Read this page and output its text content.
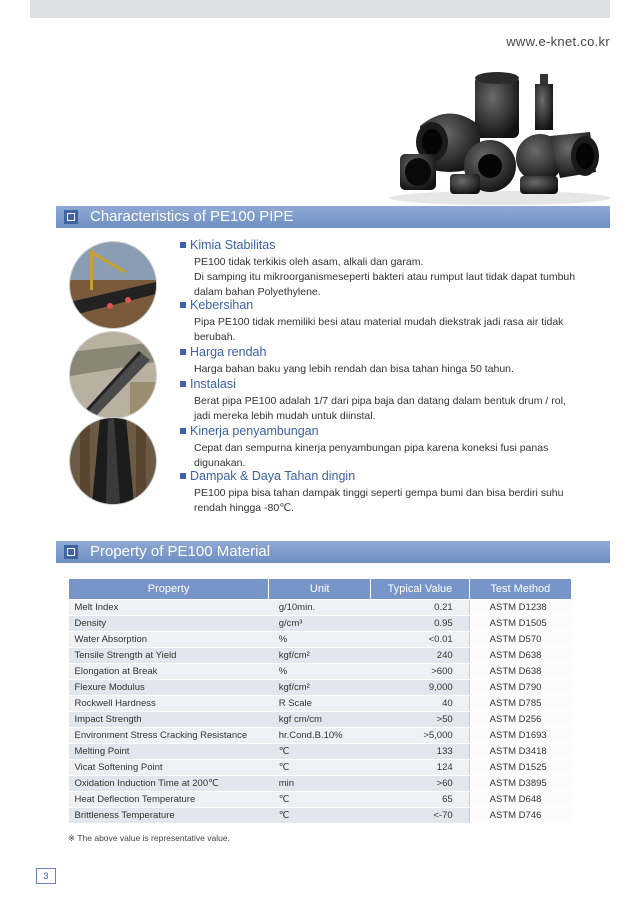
www.e-knet.co.kr
Characteristics of PE100 PIPE
Kimia Stabilitas

PE100 tidak terkikis oleh asam, alkali dan garam.

Di samping itu mikroorganismeseperti bakteri atau rumput laut tidak dapat tumbuh dalam bahan Polyethylene.

Kebersihan

Pipa PE100 tidak memiliki besi atau material mudah diekstrak jadi rasa air tidak berubah.

Harga rendah

Harga bahan baku yang lebih rendah dan bisa tahan hinga 50 tahun.

Instalasi

Berat pipa PE100 adalah 1/7 dari pipa baja dan datang dalam bentuk drum / rol, jadi mereka lebih mudah untuk diinstal.

Kinerja penyambungan

Cepat dan sempurna kinerja penyambungan pipa karena koneksi fusi panas digunakan.

Dampak & Daya Tahan dingin

PE100 pipa bisa tahan dampak tinggi seperti gempa bumi dan bisa berdiri suhu rendah hingga -80℃.

Property of PE100 Material
Property	Unit	Typical Value	Test Method
Melt Index	g/10min.	0.21	ASTM D1238
Density	g/cm³	0.95	ASTM D1505
Water Absorption	%	<0.01	ASTM D570
Tensile Strength at Yield	kgf/cm²	240	ASTM D638
Elongation at Break	%	>600	ASTM D638
Flexure Modulus	kgf/cm²	9,000	ASTM D790
Rockwell Hardness	R Scale	40	ASTM D785
Impact Strength	kgf cm/cm	>50	ASTM D256
Environment Stress Cracking Resistance	hr.Cond.B.10%	>5,000	ASTM D1693
Melting Point	℃	133	ASTM D3418
Vicat Softening Point	℃	124	ASTM D1525
Oxidation Induction Time at 200℃	min	>60	ASTM D3895
Heat Deflection Temperature	℃	65	ASTM D648
Brittleness Temperature	℃	<-70	ASTM D746
※ The above value is representative value.
3
